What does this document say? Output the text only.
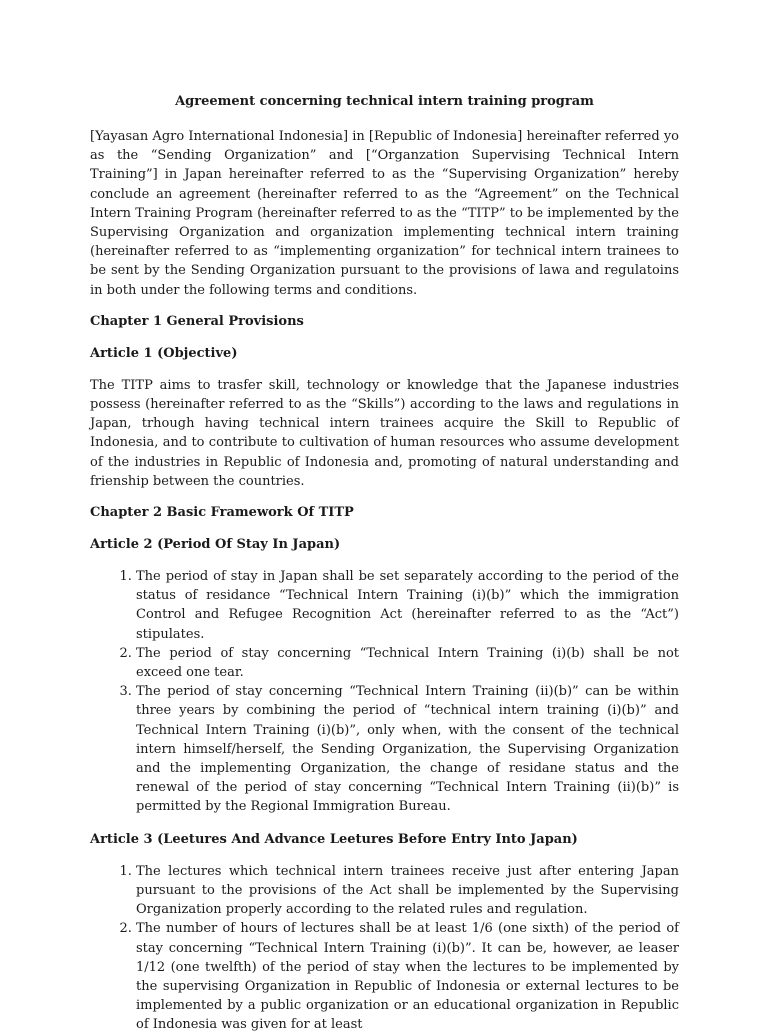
Agreement concerning technical intern training program

[Yayasan Agro International Indonesia] in [Republic of Indonesia] hereinafter referred yo as the “Sending Organization” and [“Organzation Supervising Technical Intern Training”] in Japan hereinafter referred to as the “Supervising Organization” hereby conclude an agreement (hereinafter referred to as the “Agreement” on the Technical Intern Training Program (hereinafter referred to as the “TITP” to be implemented by the Supervising Organization and organization implementing technical intern training (hereinafter referred to as “implementing organization” for technical intern trainees to be sent by the Sending Organization pursuant to the provisions of lawa and regulatoins in both under the following terms and conditions.

Chapter 1 General Provisions
Article 1 (Objective)

The TITP aims to trasfer skill, technology or knowledge that the Japanese industries possess (hereinafter referred to as the “Skills”) according to the laws and regulations in Japan, trhough having technical intern trainees acquire the Skill to Republic of Indonesia, and to contribute to cultivation of human resources who assume development of the industries in Republic of Indonesia and, promoting of natural understanding and frienship between the countries.

Chapter 2 Basic Framework Of TITP
Article 2 (Period Of Stay In Japan)
1. The period of stay in Japan shall be set separately according to the period of the status of residance “Technical Intern Training (i)(b)” which the immigration Control and Refugee Recognition Act (hereinafter referred to as the “Act”) stipulates.
2. The period of stay concerning “Technical Intern Training (i)(b) shall be not exceed one tear.
3. The period of stay concerning “Technical Intern Training (ii)(b)” can be within three years by combining the period of “technical intern training (i)(b)” and Technical Intern Training (i)(b)”, only when, with the consent of the technical intern himself/herself, the Sending Organization, the Supervising Organization and the implementing Organization, the change of residane status and the renewal of the period of stay concerning “Technical Intern Training (ii)(b)” is permitted by the Regional Immigration Bureau.
Article 3 (Leetures And Advance Leetures Before Entry Into Japan)
1. The lectures which technical intern trainees receive just after entering Japan pursuant to the provisions of the Act shall be implemented by the Supervising Organization properly according to the related rules and regulation.
2. The number of hours of lectures shall be at least 1/6 (one sixth) of the period of stay concerning “Technical Intern Training (i)(b)”. It can be, however, ae leaser 1/12 (one twelfth) of the period of stay when the lectures to be implemented by the supervising Organization in Republic of Indonesia or external lectures to be implemented by a public organization or an educational organization in Republic of Indonesia was given for at least
